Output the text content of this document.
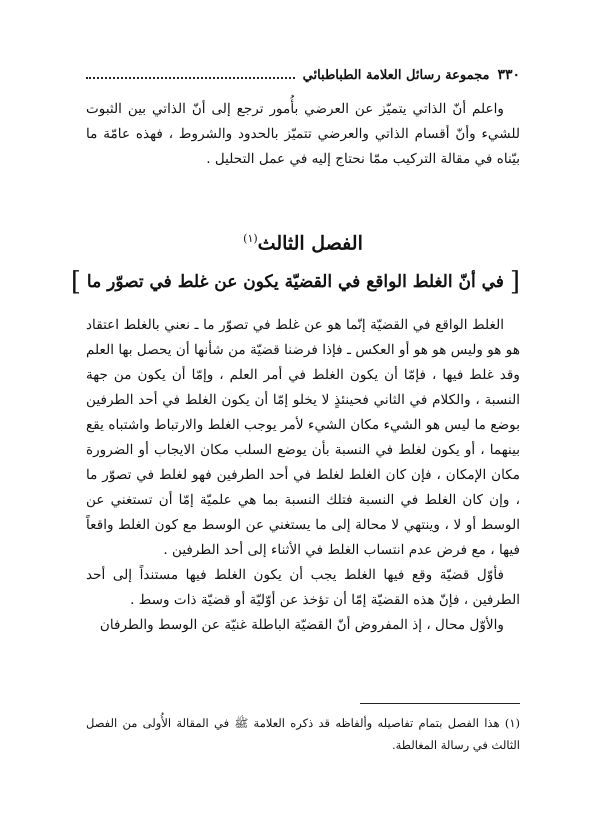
٣٣٠
مجموعة رسائل العلامة الطباطبائي

واعلم أنّ الذاتي يتميّز عن العرضي بأُمور ترجع إلى أنّ الذاتي بين الثبوت للشيء وأنّ أقسام الذاتي والعرضي تتميّز بالحدود والشروط ، فهذه عامّة ما بيّناه في مقالة التركيب ممّا نحتاج إليه في عمل التحليل .

الفصل الثالث$^{(١)}$
[ في أنّ الغلط الواقع في القضيّة يكون عن غلط في تصوّر ما ]

الغلط الواقع في القضيّة إنّما هو عن غلط في تصوّر ما ـ نعني بالغلط اعتقاد هو هو وليس هو هو أو العكس ـ فإذا فرضنا قضيّة من شأنها أن يحصل بها العلم وقد غلط فيها ، فإمّا أن يكون الغلط في أمر العلم ، وإمّا أن يكون من جهة النسبة ، والكلام في الثاني فحينئذٍ لا يخلو إمّا أن يكون الغلط في أحد الطرفين بوضع ما ليس هو الشيء مكان الشيء لأمر يوجب الغلط والارتباط واشتباه يقع بينهما ، أو يكون لغلط في النسبة بأن يوضع السلب مكان الايجاب أو الضرورة مكان الإمكان ، فإن كان الغلط لغلط في أحد الطرفين فهو لغلط في تصوّر ما ، وإن كان الغلط في النسبة فتلك النسبة بما هي علميّة إمّا أن تستغني عن الوسط أو لا ، وينتهي لا محالة إلى ما يستغني عن الوسط مع كون الغلط واقعاً فيها ، مع فرض عدم انتساب الغلط في الأثناء إلى أحد الطرفين .

فأوّل قضيّة وقع فيها الغلط يجب أن يكون الغلط فيها مستنداً إلى أحد الطرفين ، فإنّ هذه القضيّة إمّا أن تؤخذ عن أوّليّة أو قضيّة ذات وسط .

والأوّل محال ، إذ المفروض أنّ القضيّة الباطلة غنيّة عن الوسط والطرفان

(١) هذا الفصل بتمام تفاصيله وألفاظه قد ذكره العلامة ﷺ في المقالة الأُولى من الفصل الثالث في رسالة المغالطة.
